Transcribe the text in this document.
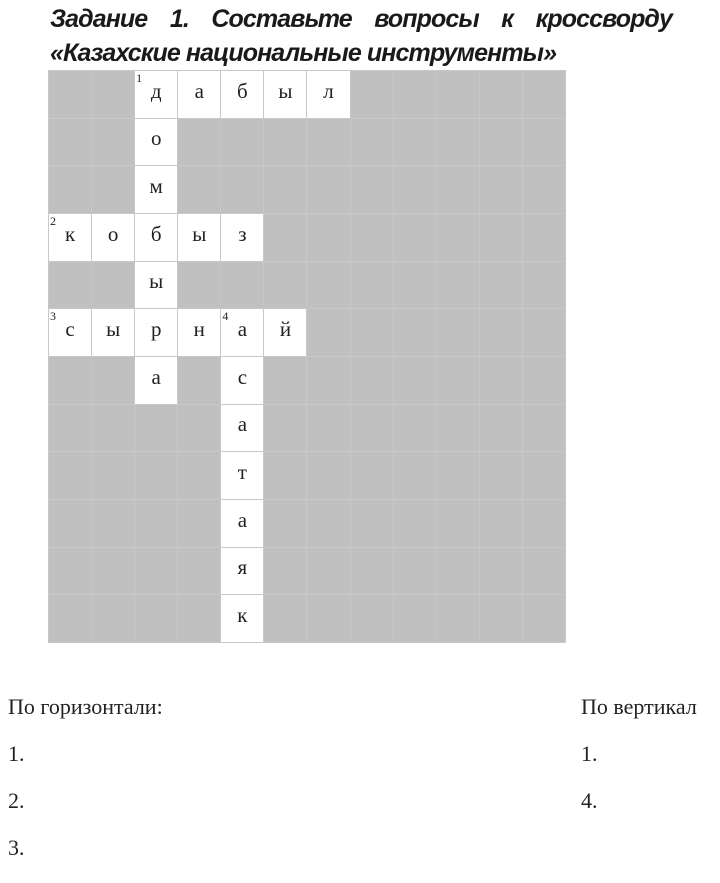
Задание 1. Составьте вопросы к кроссворду
«Казахские национальные инструменты»
1
д а б ы л
о
м
2
к о б ы з
ы
3
с ы р н
4
а й
а	с
а
т
а
я
к
По горизонтали:
1.
2.
3.
По вертикал
1.
4.
